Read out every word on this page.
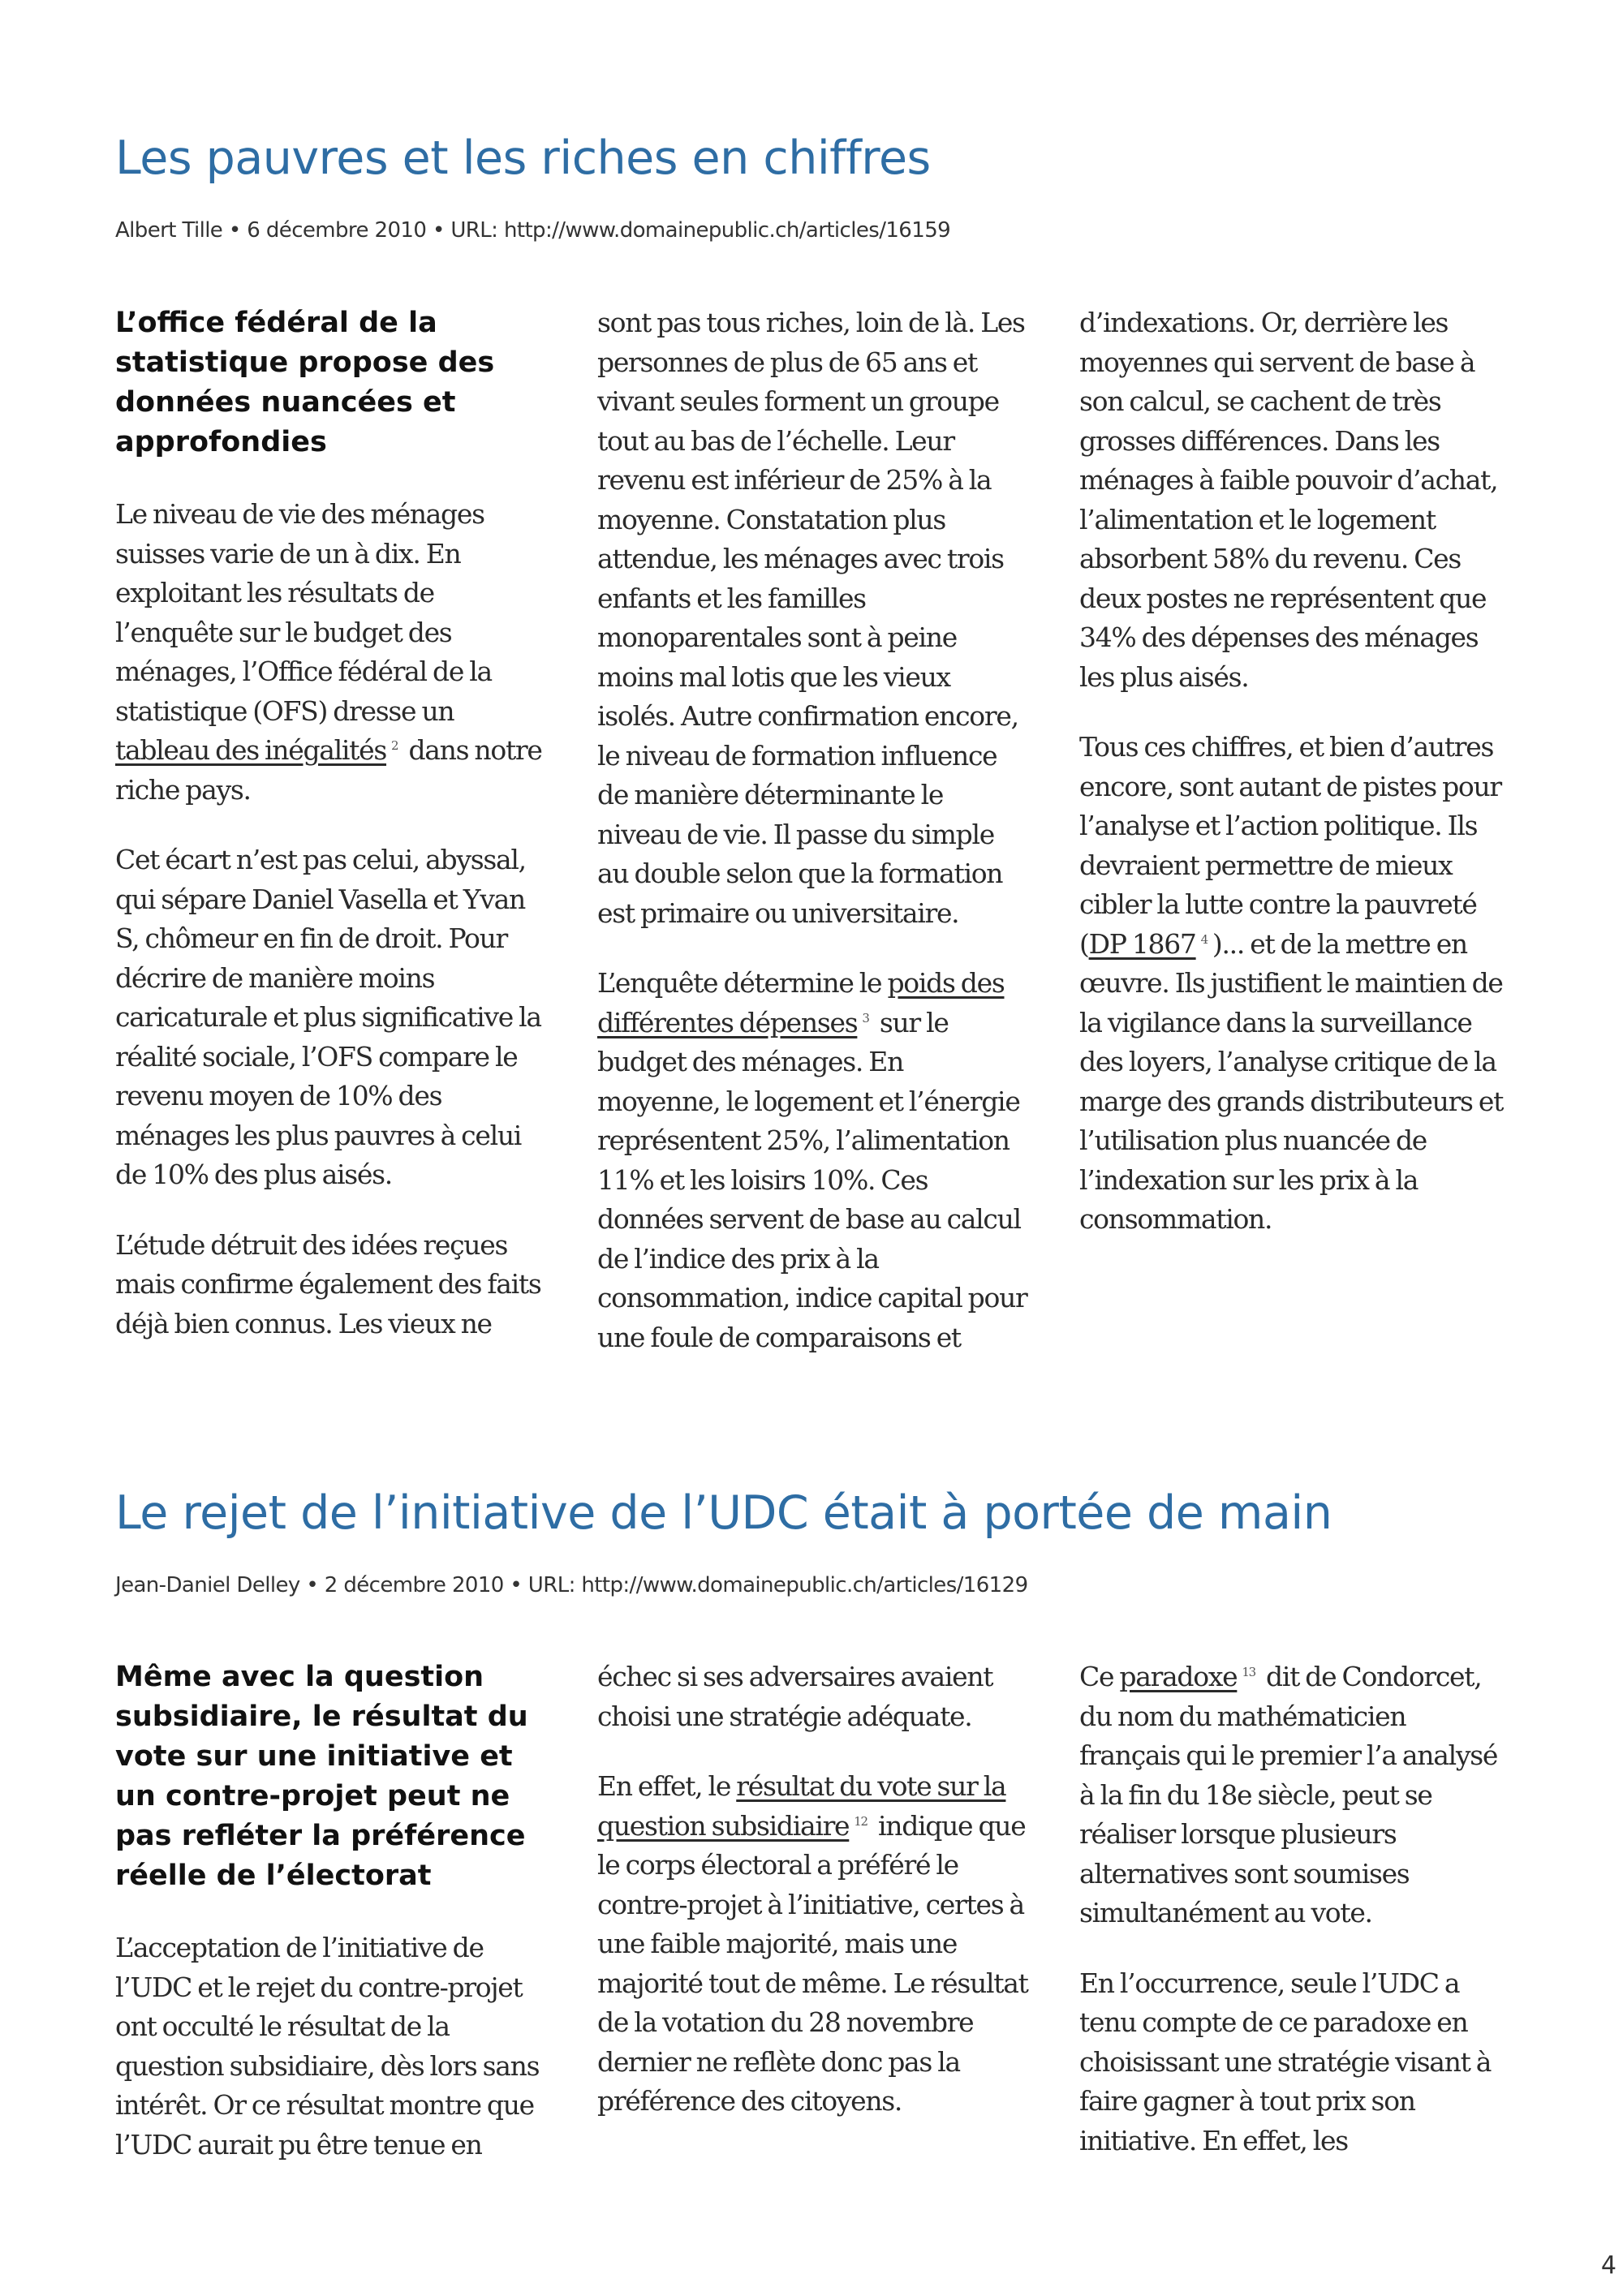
Les pauvres et les riches en chiffres

Albert Tille • 6 décembre 2010 • URL: http://www.domainepublic.ch/articles/16159

L’office fédéral de la statistique propose des données nuancées et approfondies

Le niveau de vie des ménages suisses varie de un à dix. En exploitant les résultats de l’enquête sur le budget des ménages, l’Office fédéral de la statistique (OFS) dresse un tableau des inégalités $^2$ dans notre riche pays.

Cet écart n’est pas celui, abyssal, qui sépare Daniel Vasella et Yvan S, chômeur en fin de droit. Pour décrire de manière moins caricaturale et plus significative la réalité sociale, l’OFS compare le revenu moyen de 10% des ménages les plus pauvres à celui de 10% des plus aisés.

L’étude détruit des idées reçues mais confirme également des faits déjà bien connus. Les vieux ne sont pas tous riches, loin de là. Les personnes de plus de 65 ans et vivant seules forment un groupe tout au bas de l’échelle. Leur revenu est inférieur de 25% à la moyenne. Constatation plus attendue, les ménages avec trois enfants et les familles monoparentales sont à peine moins mal lotis que les vieux isolés. Autre confirmation encore, le niveau de formation influence de manière déterminante le niveau de vie. Il passe du simple au double selon que la formation est primaire ou universitaire.

L’enquête détermine le poids des différentes dépenses $^3$ sur le budget des ménages. En moyenne, le logement et l’énergie représentent 25%, l’alimentation 11% et les loisirs 10%. Ces données servent de base au calcul de l’indice des prix à la consommation, indice capital pour une foule de comparaisons et d’indexations. Or, derrière les moyennes qui servent de base à son calcul, se cachent de très grosses différences. Dans les ménages à faible pouvoir d’achat, l’alimentation et le logement absorbent 58% du revenu. Ces deux postes ne représentent que 34% des dépenses des ménages les plus aisés.

Tous ces chiffres, et bien d’autres encore, sont autant de pistes pour l’analyse et l’action politique. Ils devraient permettre de mieux cibler la lutte contre la pauvreté (DP 1867 $^4$ )... et de la mettre en œuvre. Ils justifient le maintien de la vigilance dans la surveillance des loyers, l’analyse critique de la marge des grands distributeurs et l’utilisation plus nuancée de l’indexation sur les prix à la consommation.

Le rejet de l’initiative de l’UDC était à portée de main

Jean-Daniel Delley • 2 décembre 2010 • URL: http://www.domainepublic.ch/articles/16129

Même avec la question subsidiaire, le résultat du vote sur une initiative et un contre-projet peut ne pas refléter la préférence réelle de l’électorat

L’acceptation de l’initiative de l’UDC et le rejet du contre-projet ont occulté le résultat de la question subsidiaire, dès lors sans intérêt. Or ce résultat montre que l’UDC aurait pu être tenue en échec si ses adversaires avaient choisi une stratégie adéquate.

En effet, le résultat du vote sur la question subsidiaire $^{12}$ indique que le corps électoral a préféré le contre-projet à l’initiative, certes à une faible majorité, mais une majorité tout de même. Le résultat de la votation du 28 novembre dernier ne reflète donc pas la préférence des citoyens.

Ce paradoxe $^{13}$ dit de Condorcet, du nom du mathématicien français qui le premier l’a analysé à la fin du 18e siècle, peut se réaliser lorsque plusieurs alternatives sont soumises simultanément au vote.

En l’occurrence, seule l’UDC a tenu compte de ce paradoxe en choisissant une stratégie visant à faire gagner à tout prix son initiative. En effet, les

4
